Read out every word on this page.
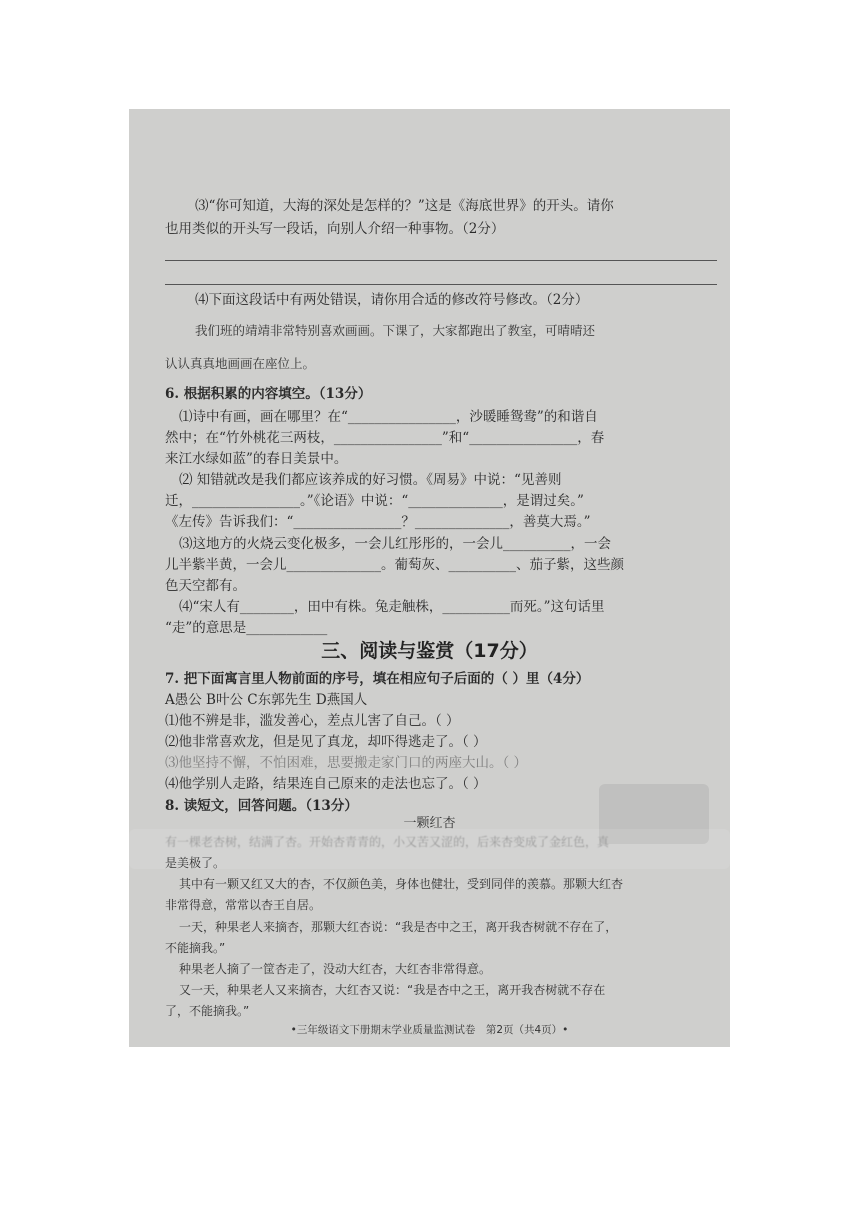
⑶“你可知道，大海的深处是怎样的？”这是《海底世界》的开头。请你
也用类似的开头写一段话，向别人介绍一种事物。（2分）
⑷下面这段话中有两处错误，请你用合适的修改符号修改。（2分）
我们班的靖靖非常特别喜欢画画。下课了，大家都跑出了教室，可晴晴还
认认真真地画画在座位上。
6. 根据积累的内容填空。（13分）
⑴诗中有画，画在哪里？在“________________，沙暖睡鸳鸯”的和谐自
然中；在“竹外桃花三两枝，________________”和“________________，春
来江水绿如蓝”的春日美景中。
⑵ 知错就改是我们都应该养成的好习惯。《周易》中说：“见善则
迁，________________。”《论语》中说：“______________，是谓过矣。”
《左传》告诉我们：“________________？______________，善莫大焉。”
⑶这地方的火烧云变化极多，一会儿红彤彤的，一会儿__________，一会
儿半紫半黄，一会儿______________。葡萄灰、__________、茄子紫，这些颜
色天空都有。
⑷“宋人有________，田中有株。兔走触株，__________而死。”这句话里
“走”的意思是____________
三、阅读与鉴赏（17分）
7. 把下面寓言里人物前面的序号，填在相应句子后面的（ ）里（4分）
A愚公 B叶公 C东郭先生 D燕国人
⑴他不辨是非，滥发善心，差点儿害了自己。（ ）
⑵他非常喜欢龙，但是见了真龙，却吓得逃走了。（ ）
⑶他坚持不懈，不怕困难，思要搬走家门口的两座大山。（ ）
⑷他学别人走路，结果连自己原来的走法也忘了。（ ）
8. 读短文，回答问题。（13分）
一颗红杏
有一棵老杏树，结满了杏。开始杏青青的，小又苦又涩的，后来杏变成了金红色，真
是美极了。
其中有一颗又红又大的杏，不仅颜色美，身体也健壮，受到同伴的羡慕。那颗大红杏
非常得意，常常以杏王自居。
一天，种果老人来摘杏，那颗大红杏说：“我是杏中之王，离开我杏树就不存在了，
不能摘我。”
种果老人摘了一筐杏走了，没动大红杏，大红杏非常得意。
又一天，种果老人又来摘杏，大红杏又说：“我是杏中之王，离开我杏树就不存在
了，不能摘我。”
•三年级语文下册期末学业质量监测试卷　第2页（共4页）•
